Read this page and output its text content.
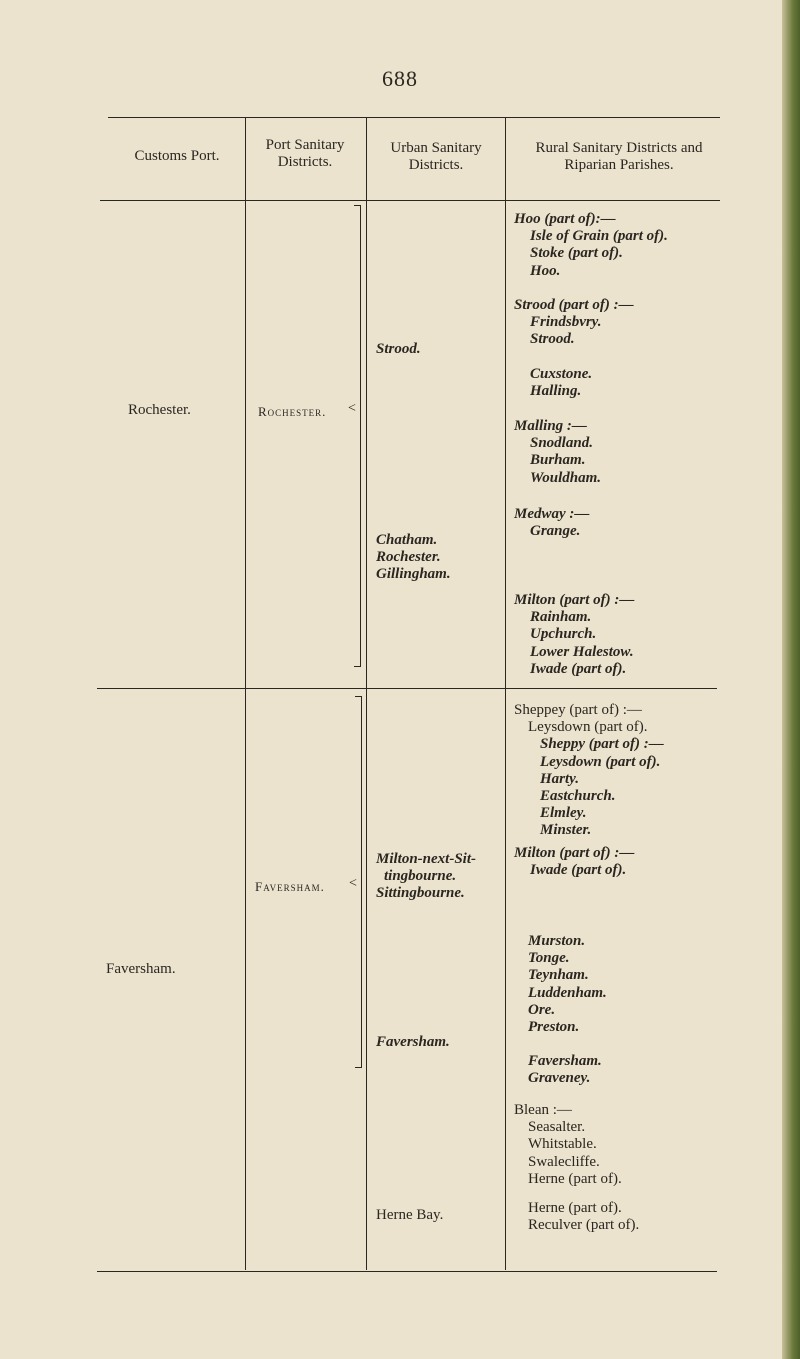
688
Customs Port.
Port Sanitary Districts.
Urban Sanitary Districts.
Rural Sanitary Districts and Riparian Parishes.
Rochester.	Rochester. <
Strood.
Chatham.
Rochester.
Gillingham.
Hoo (part of):—
Isle of Grain (part of).
Stoke (part of).
Hoo.
Strood (part of) :—
Frindsbvry.
Strood.
Cuxstone.
Halling.
Malling :—
Snodland.
Burham.
Wouldham.
Medway :—
Grange.
Milton (part of) :—
Rainham.
Upchurch.
Lower Halestow.
Iwade (part of).
Faversham.
Faversham. <
Milton-next-Sit-
tingbourne.
Sittingbourne.
Faversham.
Herne Bay.
Sheppey (part of) :—
Leysdown (part of).
Sheppy (part of) :—
Leysdown (part of).
Harty.
Eastchurch.
Elmley.
Minster.
Milton (part of) :—
Iwade (part of).
Murston.
Tonge.
Teynham.
Luddenham.
Ore.
Preston.
Faversham.
Graveney.
Blean :—
Seasalter.
Whitstable.
Swalecliffe.
Herne (part of).
Herne (part of).
Reculver (part of).
